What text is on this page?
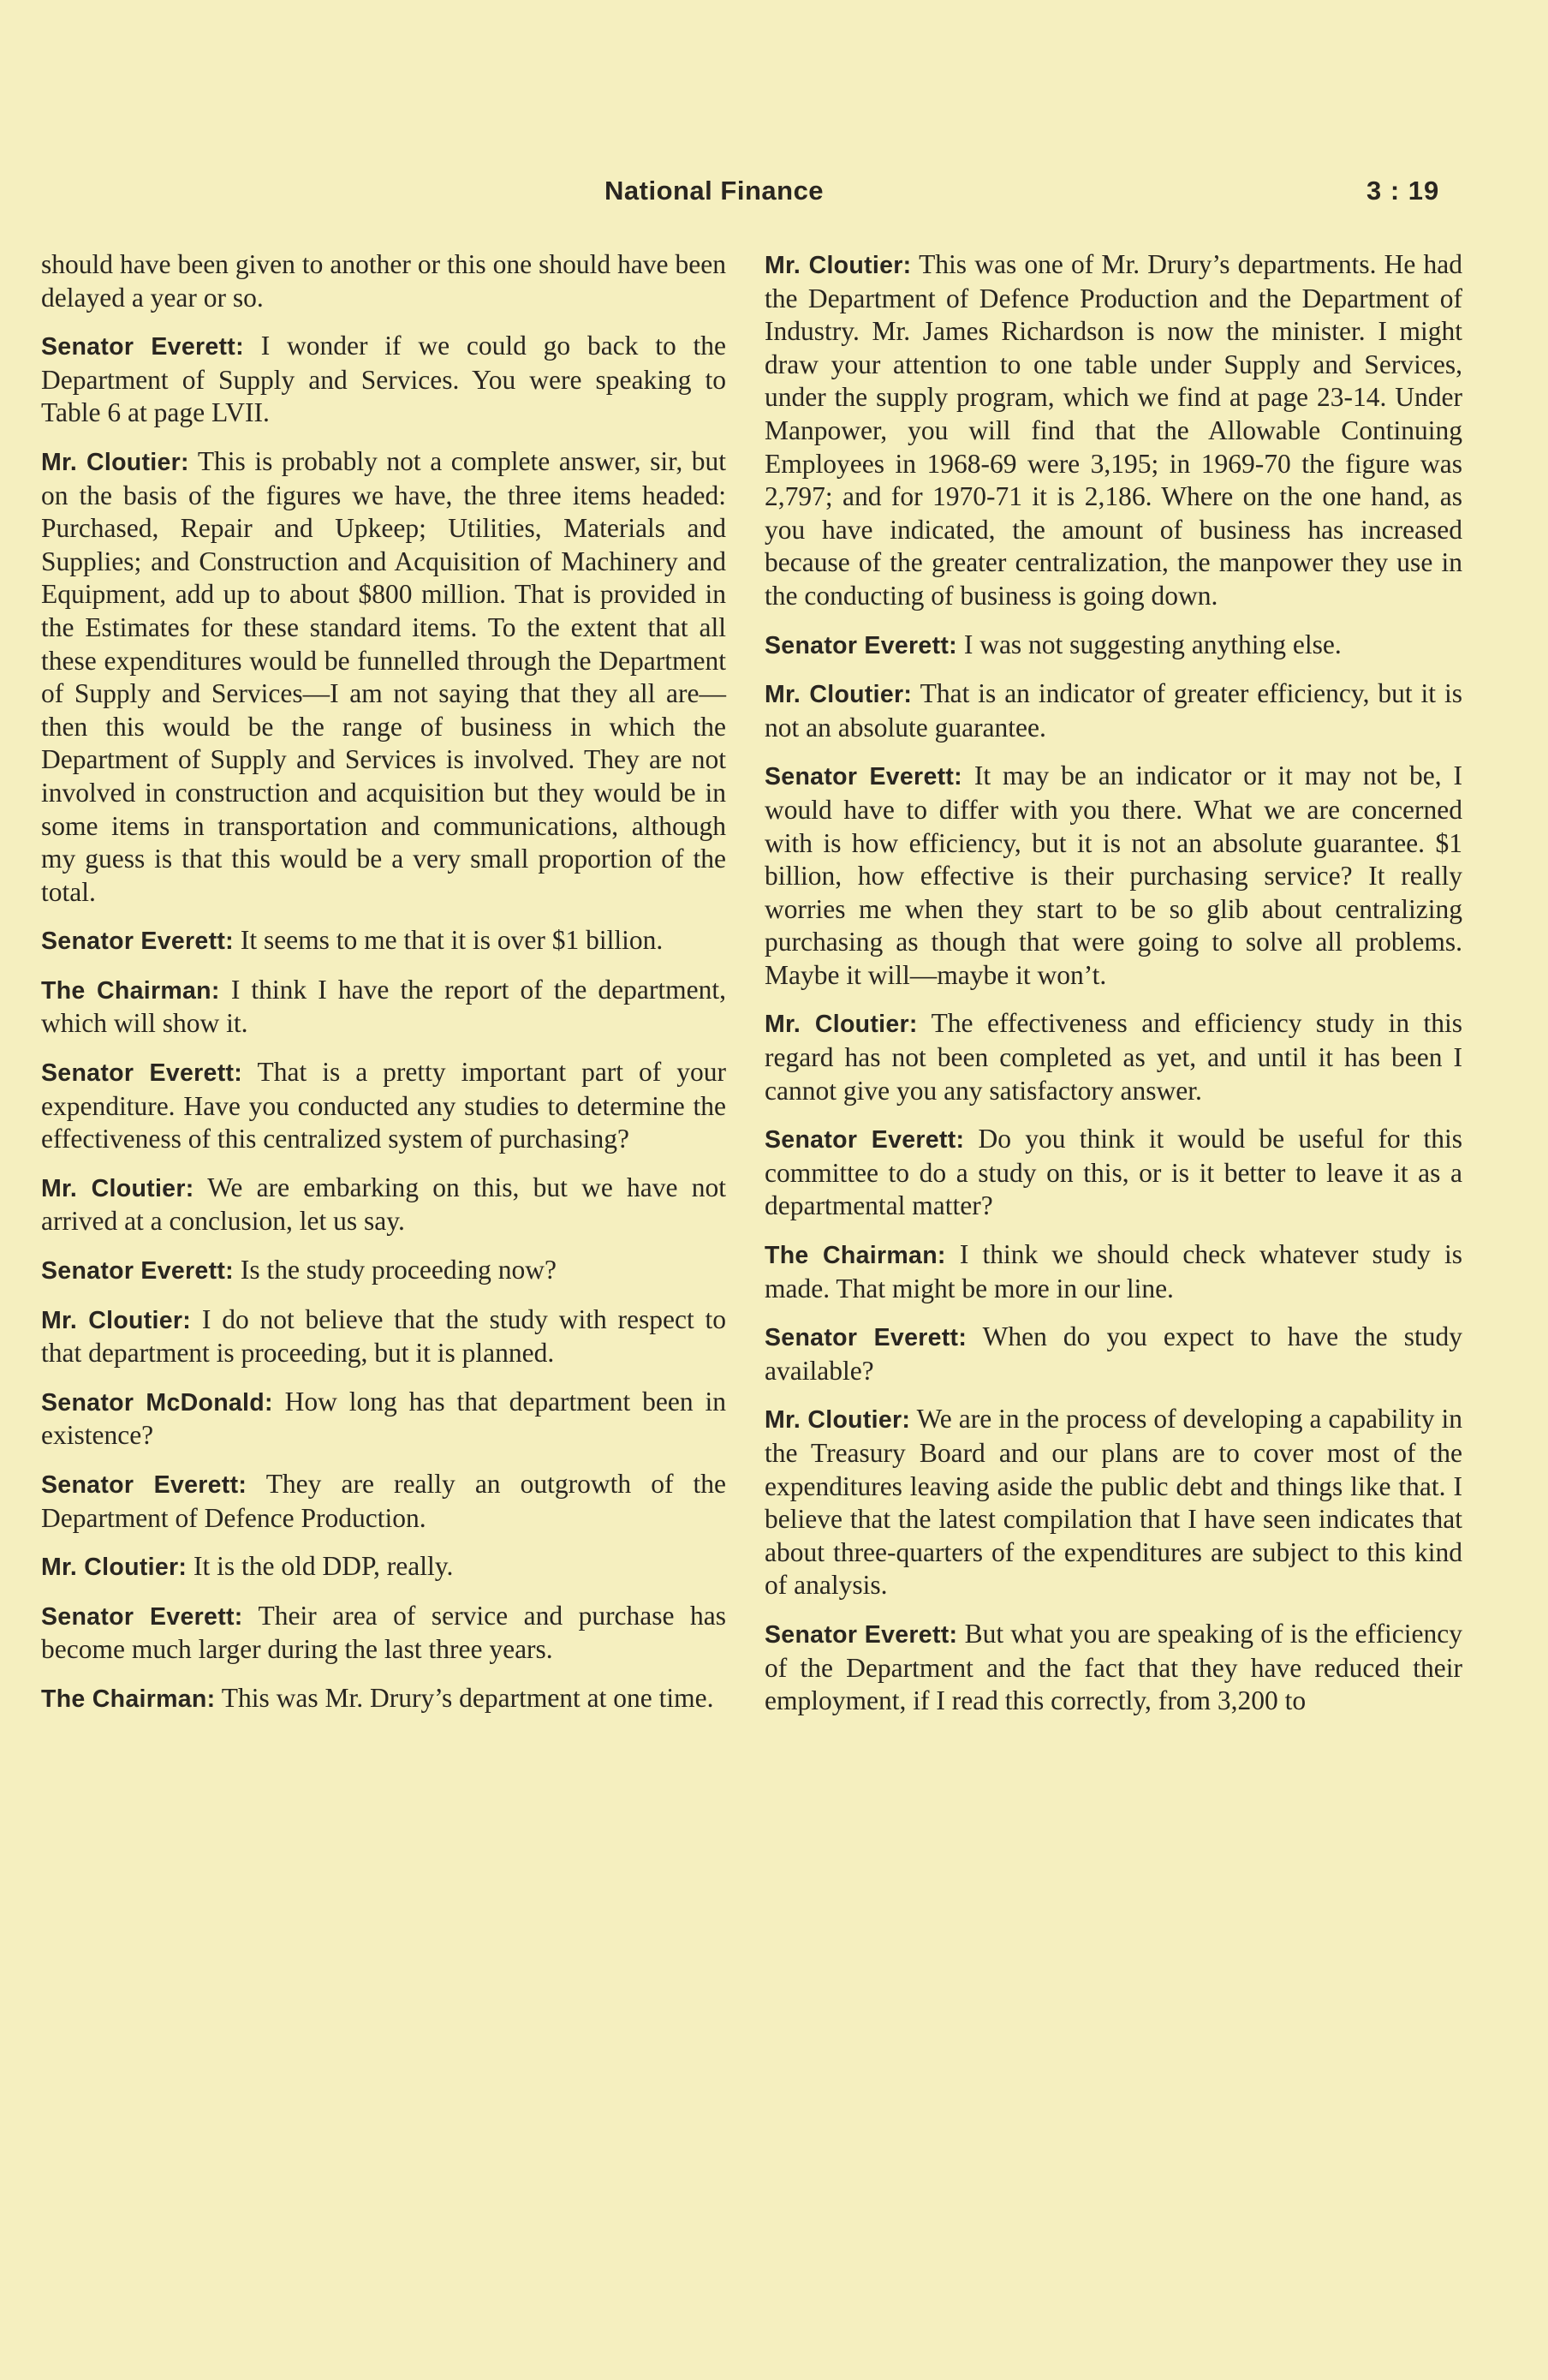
National Finance	3 : 19

should have been given to another or this one should have been delayed a year or so.

Senator Everett: I wonder if we could go back to the Department of Supply and Services. You were speaking to Table 6 at page LVII.

Mr. Cloutier: This is probably not a complete answer, sir, but on the basis of the figures we have, the three items headed: Purchased, Repair and Upkeep; Utilities, Materials and Supplies; and Construction and Acquisition of Machinery and Equipment, add up to about $800 million. That is provided in the Estimates for these standard items. To the extent that all these expenditures would be funnelled through the Department of Supply and Services—I am not saying that they all are—then this would be the range of business in which the Department of Supply and Services is involved. They are not involved in construction and acquisition but they would be in some items in transportation and communications, although my guess is that this would be a very small proportion of the total.

Senator Everett: It seems to me that it is over $1 billion.

The Chairman: I think I have the report of the department, which will show it.

Senator Everett: That is a pretty important part of your expenditure. Have you conducted any studies to determine the effectiveness of this centralized system of purchasing?

Mr. Cloutier: We are embarking on this, but we have not arrived at a conclusion, let us say.

Senator Everett: Is the study proceeding now?

Mr. Cloutier: I do not believe that the study with respect to that department is proceeding, but it is planned.

Senator McDonald: How long has that department been in existence?

Senator Everett: They are really an outgrowth of the Department of Defence Production.

Mr. Cloutier: It is the old DDP, really.

Senator Everett: Their area of service and purchase has become much larger during the last three years.

The Chairman: This was Mr. Drury’s department at one time.

Mr. Cloutier: This was one of Mr. Drury’s departments. He had the Department of Defence Production and the Department of Industry. Mr. James Richardson is now the minister. I might draw your attention to one table under Supply and Services, under the supply program, which we find at page 23-14. Under Manpower, you will find that the Allowable Continuing Employees in 1968-69 were 3,195; in 1969-70 the figure was 2,797; and for 1970-71 it is 2,186. Where on the one hand, as you have indicated, the amount of business has increased because of the greater centralization, the manpower they use in the conducting of business is going down.

Senator Everett: I was not suggesting anything else.

Mr. Cloutier: That is an indicator of greater efficiency, but it is not an absolute guarantee.

Senator Everett: It may be an indicator or it may not be, I would have to differ with you there. What we are concerned with is how efficiency, but it is not an absolute guarantee. $1 billion, how effective is their purchasing service? It really worries me when they start to be so glib about centralizing purchasing as though that were going to solve all problems. Maybe it will—maybe it won’t.

Mr. Cloutier: The effectiveness and efficiency study in this regard has not been completed as yet, and until it has been I cannot give you any satisfactory answer.

Senator Everett: Do you think it would be useful for this committee to do a study on this, or is it better to leave it as a departmental matter?

The Chairman: I think we should check whatever study is made. That might be more in our line.

Senator Everett: When do you expect to have the study available?

Mr. Cloutier: We are in the process of developing a capability in the Treasury Board and our plans are to cover most of the expenditures leaving aside the public debt and things like that. I believe that the latest compilation that I have seen indicates that about three-quarters of the expenditures are subject to this kind of analysis.

Senator Everett: But what you are speaking of is the efficiency of the Department and the fact that they have reduced their employment, if I read this correctly, from 3,200 to
